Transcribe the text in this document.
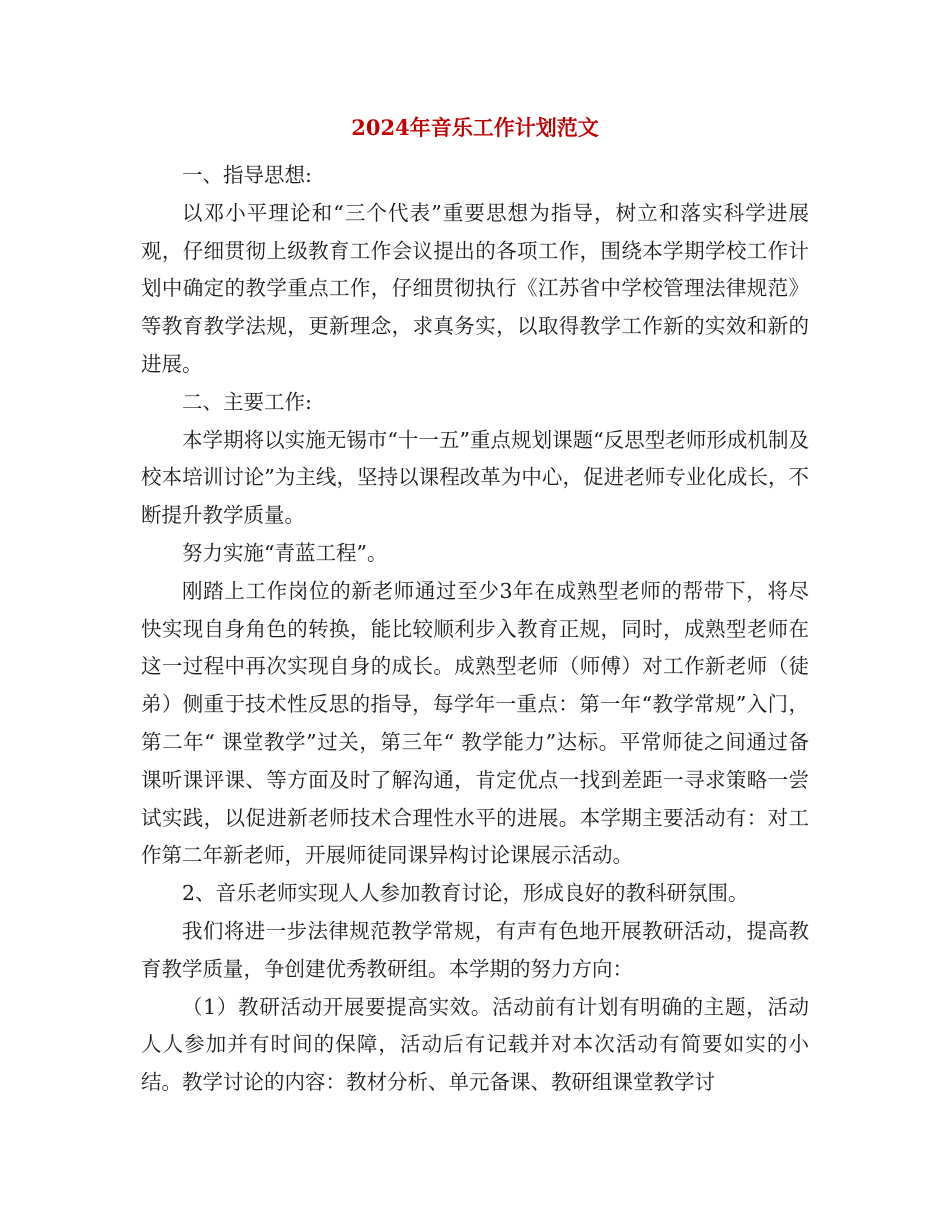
2024年音乐工作计划范文

一、指导思想:

以邓小平理论和“三个代表”重要思想为指导，树立和落实科学进展观，仔细贯彻上级教育工作会议提出的各项工作，围绕本学期学校工作计划中确定的教学重点工作，仔细贯彻执行《江苏省中学校管理法律规范》等教育教学法规，更新理念，求真务实，以取得教学工作新的实效和新的进展。

二、主要工作:

本学期将以实施无锡市“十一五”重点规划课题“反思型老师形成机制及校本培训讨论”为主线，坚持以课程改革为中心，促进老师专业化成长，不断提升教学质量。

努力实施“青蓝工程”。

刚踏上工作岗位的新老师通过至少3年在成熟型老师的帮带下，将尽快实现自身角色的转换，能比较顺利步入教育正规，同时，成熟型老师在这一过程中再次实现自身的成长。成熟型老师（师傅）对工作新老师（徒弟）侧重于技术性反思的指导，每学年一重点：第一年“教学常规”入门，第二年“ 课堂教学”过关，第三年“ 教学能力”达标。平常师徒之间通过备课听课评课、等方面及时了解沟通，肯定优点一找到差距一寻求策略一尝试实践，以促进新老师技术合理性水平的进展。本学期主要活动有：对工作第二年新老师，开展师徒同课异构讨论课展示活动。

2、音乐老师实现人人参加教育讨论，形成良好的教科研氛围。

我们将进一步法律规范教学常规，有声有色地开展教研活动，提高教育教学质量，争创建优秀教研组。本学期的努力方向：

（1）教研活动开展要提高实效。活动前有计划有明确的主题，活动人人参加并有时间的保障，活动后有记载并对本次活动有简要如实的小结。教学讨论的内容：教材分析、单元备课、教研组课堂教学讨
